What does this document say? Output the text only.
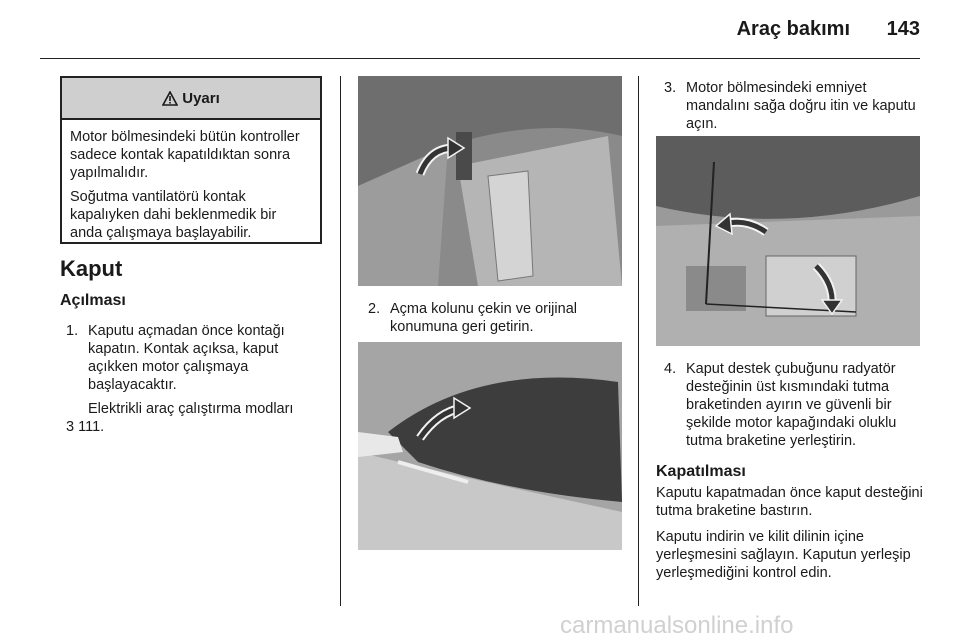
Araç bakımı 143
Uyarı

Motor bölmesindeki bütün kontroller sadece kontak kapatıldıktan sonra yapılmalıdır.

Soğutma vantilatörü kontak kapalıyken dahi beklenmedik bir anda çalışmaya başlayabilir.

Kaput
Açılması
1. Kaputu açmadan önce kontağı kapatın. Kontak açıksa, kaput açıkken motor çalışmaya başlayacaktır.

Elektrikli araç çalıştırma modları

3 111.
2. Açma kolunu çekin ve orijinal konumuna geri getirin.

3. Motor bölmesindeki emniyet mandalını sağa doğru itin ve kaputu açın.

4. Kaput destek çubuğunu radyatör desteğinin üst kısmındaki tutma braketinden ayırın ve güvenli bir şekilde motor kapağındaki oluklu tutma braketine yerleştirin.

Kapatılması

Kaputu kapatmadan önce kaput desteğini tutma braketine bastırın.

Kaputu indirin ve kilit dilinin içine yerleşmesini sağlayın. Kaputun yerleşip yerleşmediğini kontrol edin.

carmanualsonline.info
